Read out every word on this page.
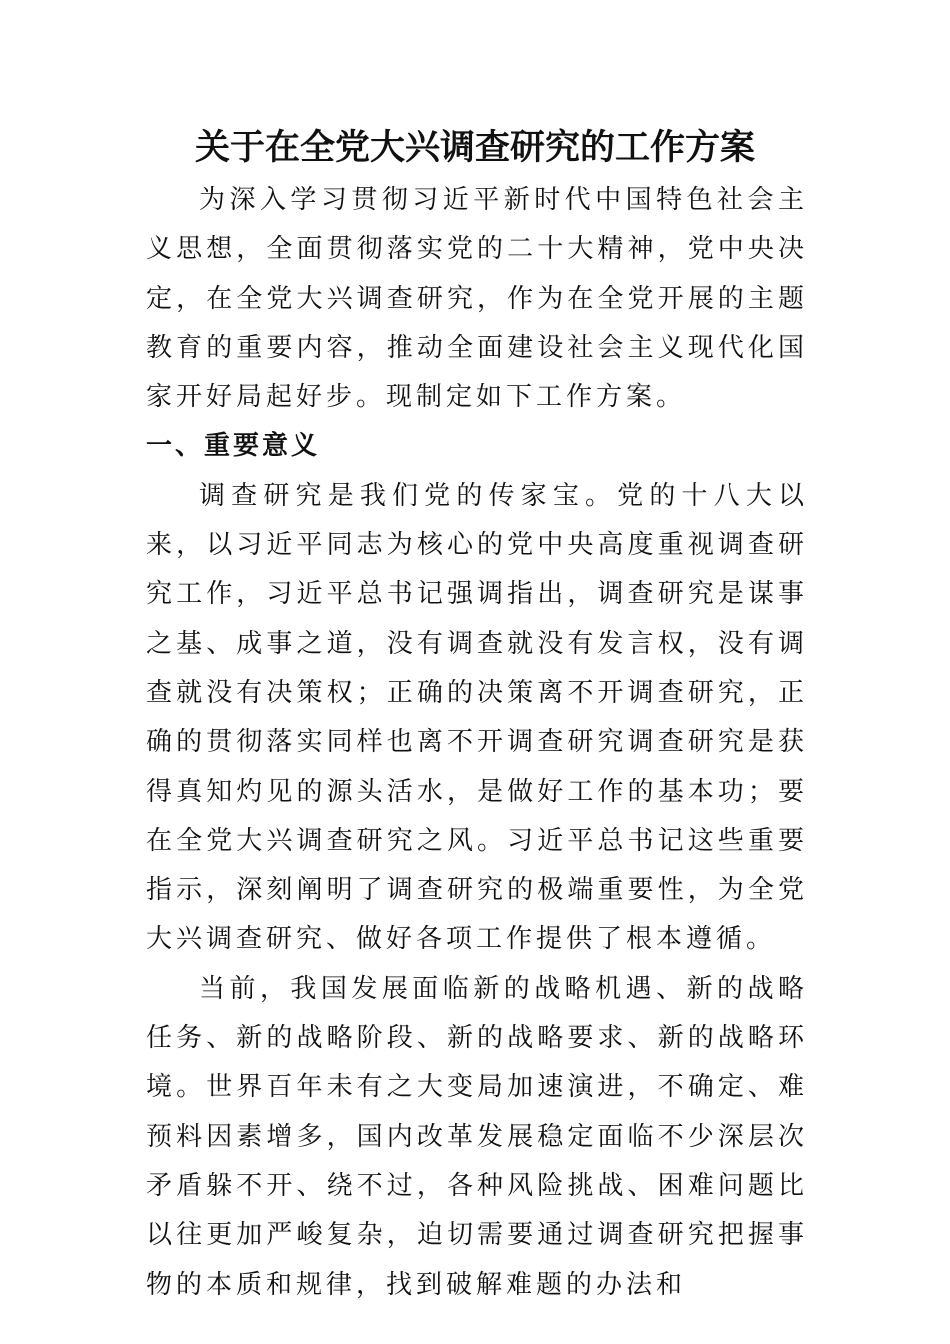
关于在全党大兴调查研究的工作方案

为深入学习贯彻习近平新时代中国特色社会主义思想，全面贯彻落实党的二十大精神，党中央决定，在全党大兴调查研究，作为在全党开展的主题教育的重要内容，推动全面建设社会主义现代化国家开好局起好步。现制定如下工作方案。

一、重要意义

调查研究是我们党的传家宝。党的十八大以来，以习近平同志为核心的党中央高度重视调查研究工作，习近平总书记强调指出，调查研究是谋事之基、成事之道，没有调查就没有发言权，没有调查就没有决策权；正确的决策离不开调查研究，正确的贯彻落实同样也离不开调查研究调查研究是获得真知灼见的源头活水，是做好工作的基本功；要在全党大兴调查研究之风。习近平总书记这些重要指示，深刻阐明了调查研究的极端重要性，为全党大兴调查研究、做好各项工作提供了根本遵循。

当前，我国发展面临新的战略机遇、新的战略任务、新的战略阶段、新的战略要求、新的战略环境。世界百年未有之大变局加速演进，不确定、难预料因素增多，国内改革发展稳定面临不少深层次矛盾躲不开、绕不过，各种风险挑战、困难问题比以往更加严峻复杂，迫切需要通过调查研究把握事物的本质和规律，找到破解难题的办法和
